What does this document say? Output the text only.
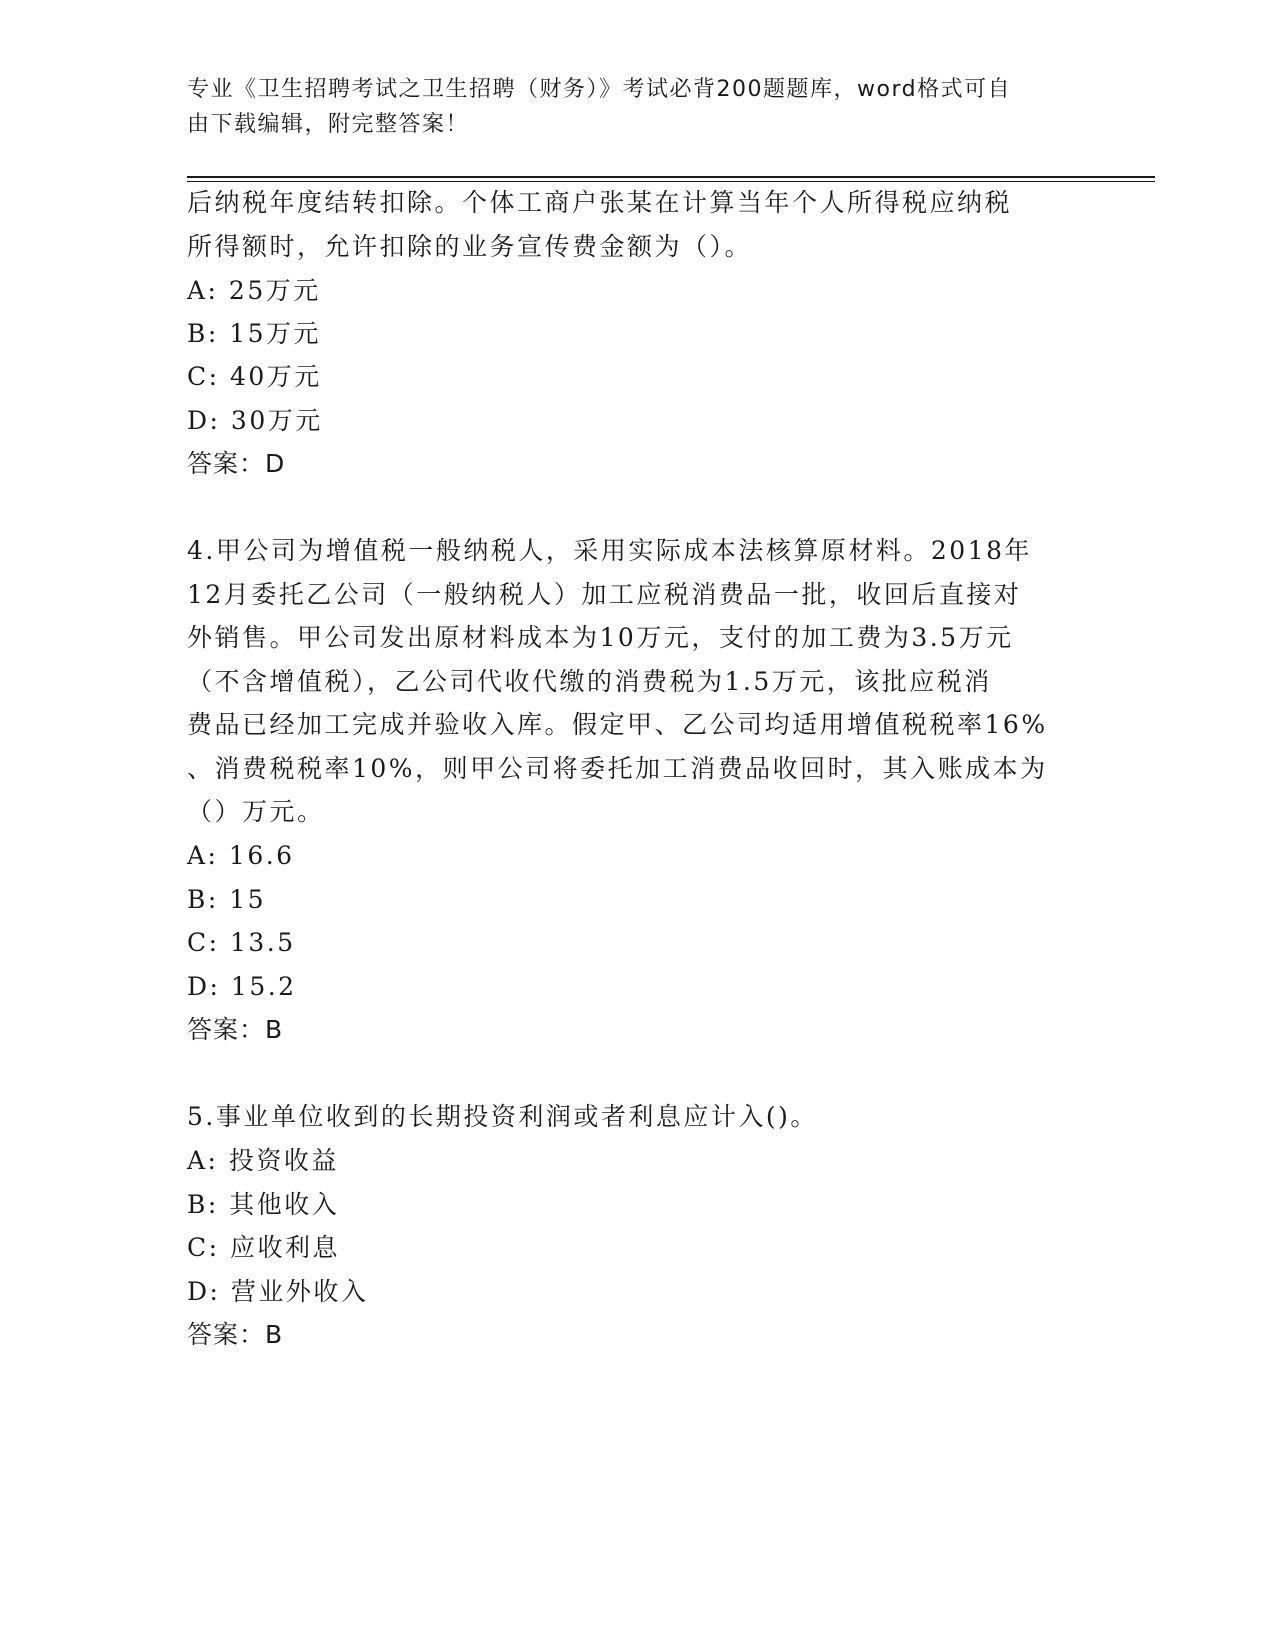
专业《卫生招聘考试之卫生招聘（财务）》考试必背200题题库，word格式可自
由下载编辑，附完整答案！
后纳税年度结转扣除。个体工商户张某在计算当年个人所得税应纳税
所得额时，允许扣除的业务宣传费金额为（）。
A: 25万元
B: 15万元
C: 40万元
D: 30万元
答案：D
4.甲公司为增值税一般纳税人，采用实际成本法核算原材料。2018年
12月委托乙公司（一般纳税人）加工应税消费品一批，收回后直接对
外销售。甲公司发出原材料成本为10万元，支付的加工费为3.5万元
（不含增值税），乙公司代收代缴的消费税为1.5万元，该批应税消
费品已经加工完成并验收入库。假定甲、乙公司均适用增值税税率16%
、消费税税率10%，则甲公司将委托加工消费品收回时，其入账成本为
（）万元。
A: 16.6
B: 15
C: 13.5
D: 15.2
答案：B
5.事业单位收到的长期投资利润或者利息应计入()。
A: 投资收益
B: 其他收入
C: 应收利息
D: 营业外收入
答案：B
